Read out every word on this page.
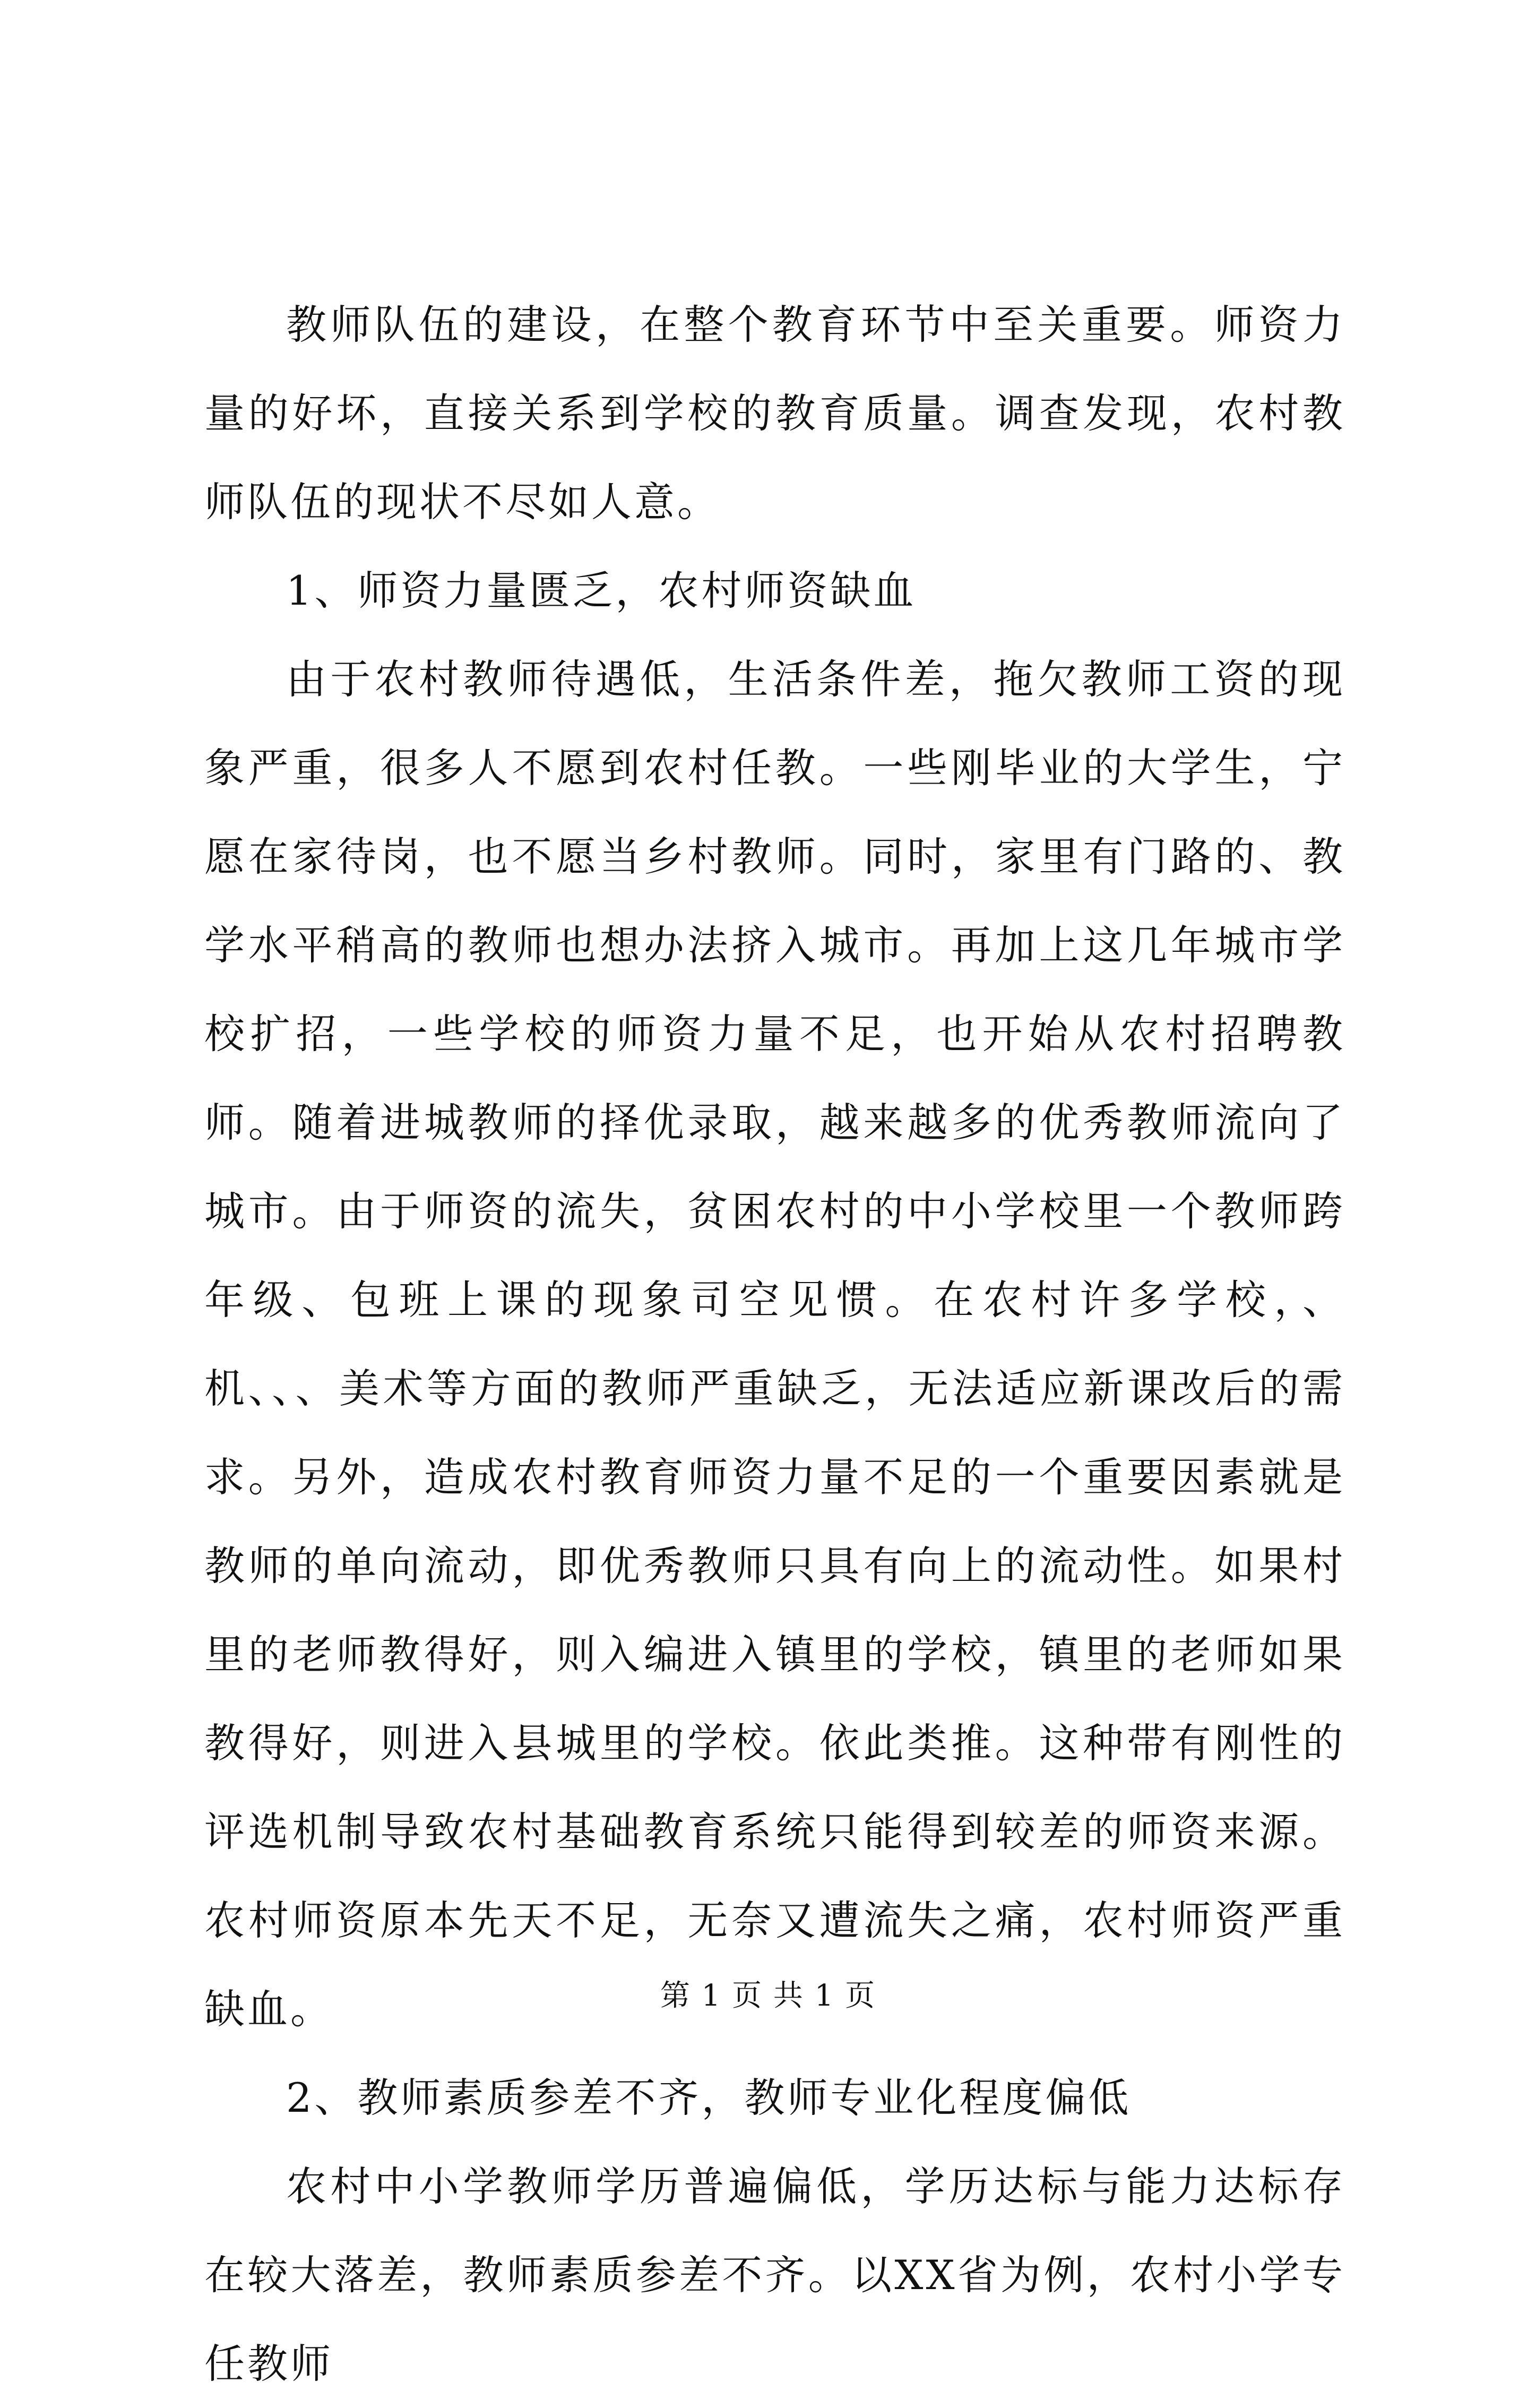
教师队伍的建设，在整个教育环节中至关重要。师资力量的好坏，直接关系到学校的教育质量。调查发现，农村教师队伍的现状不尽如人意。

1、师资力量匮乏，农村师资缺血

由于农村教师待遇低，生活条件差，拖欠教师工资的现象严重，很多人不愿到农村任教。一些刚毕业的大学生，宁愿在家待岗，也不愿当乡村教师。同时，家里有门路的、教学水平稍高的教师也想办法挤入城市。再加上这几年城市学校扩招，一些学校的师资力量不足，也开始从农村招聘教师。随着进城教师的择优录取，越来越多的优秀教师流向了城市。由于师资的流失，贫困农村的中小学校里一个教师跨年级、包班上课的现象司空见惯。在农村许多学校，、机、、、美术等方面的教师严重缺乏，无法适应新课改后的需求。另外，造成农村教育师资力量不足的一个重要因素就是教师的单向流动，即优秀教师只具有向上的流动性。如果村里的老师教得好，则入编进入镇里的学校，镇里的老师如果教得好，则进入县城里的学校。依此类推。这种带有刚性的评选机制导致农村基础教育系统只能得到较差的师资来源。农村师资原本先天不足，无奈又遭流失之痛，农村师资严重缺血。

2、教师素质参差不齐，教师专业化程度偏低

农村中小学教师学历普遍偏低，学历达标与能力达标存在较大落差，教师素质参差不齐。以XX省为例，农村小学专任教师

第 1 页 共 1 页
